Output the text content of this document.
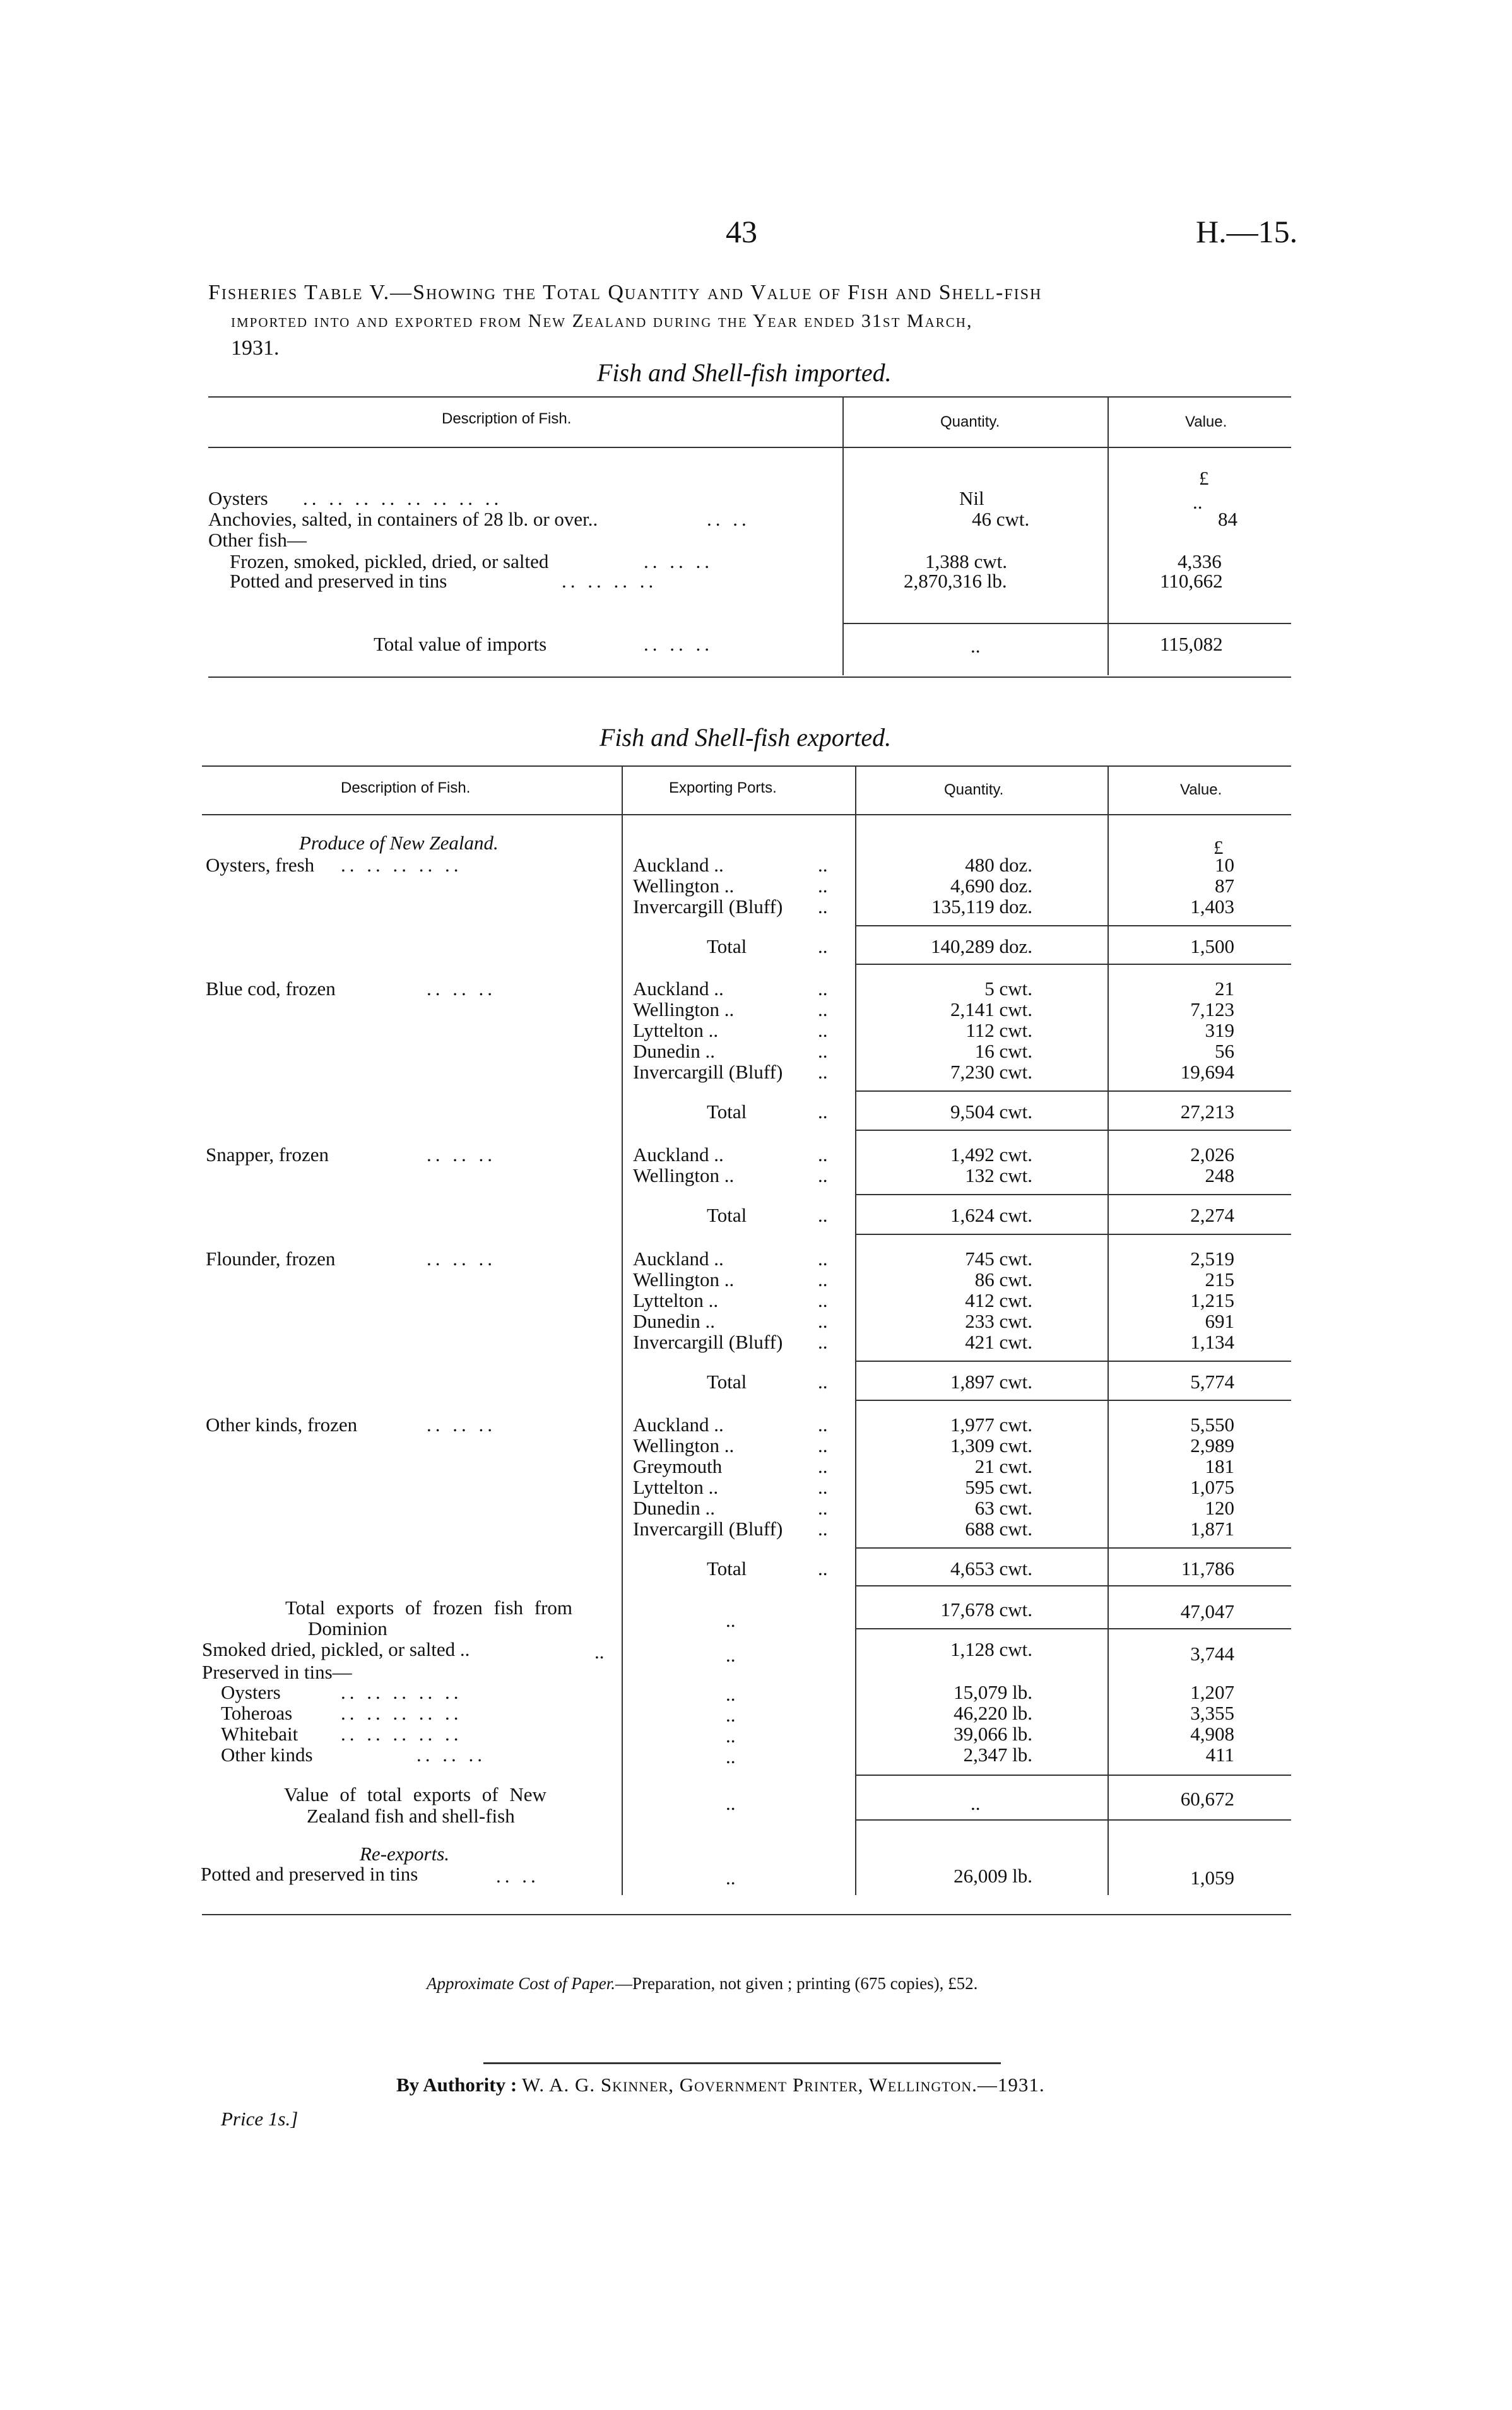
43	H.—15.
Fisheries Table V.—Showing the Total Quantity and Value of Fish and Shell-fish
imported into and exported from New Zealand during the Year ended 31st March,
1931.
Fish and Shell-fish imported.
Description of Fish.	Quantity.	Value.
£
Oysters .. .. .. .. .. .. .. ..	Nil	..
Anchovies, salted, in containers of 28 lb. or over..	.. ..	46 cwt.	84
Other fish—
Frozen, smoked, pickled, dried, or salted	.. .. ..	1,388 cwt.	4,336
Potted and preserved in tins	.. .. .. ..	2,870,316 lb.	110,662
Total value of imports	.. .. ..	..	115,082
Fish and Shell-fish exported.
Description of Fish.	Exporting Ports.	Quantity.	Value.
Produce of New Zealand.	£
Oysters, fresh .. .. .. .. ..	Auckland ..	..	480 doz.	10
Wellington ..	..	4,690 doz.	87
Invercargill (Bluff) ..	135,119 doz.	1,403
Total	..	140,289 doz.	1,500
Blue cod, frozen	.. .. ..	Auckland ..	..	5 cwt.	21
Wellington ..	..	2,141 cwt.	7,123
Lyttelton ..	..	112 cwt.	319
Dunedin ..	..	16 cwt.	56
Invercargill (Bluff) ..	7,230 cwt.	19,694
Total	..	9,504 cwt.	27,213
Snapper, frozen	.. .. ..	Auckland ..	..	1,492 cwt.	2,026
Wellington ..	..	132 cwt.	248
Total	..	1,624 cwt.	2,274
Flounder, frozen	.. .. ..	Auckland ..	..	745 cwt.	2,519
Wellington ..	..	86 cwt.	215
Lyttelton ..	..	412 cwt.	1,215
Dunedin ..	..	233 cwt.	691
Invercargill (Bluff) ..	421 cwt.	1,134
Total	..	1,897 cwt.	5,774
Other kinds, frozen	.. .. ..	Auckland ..	..	1,977 cwt.	5,550
Wellington ..	..	1,309 cwt.	2,989
Greymouth	..	21 cwt.	181
Lyttelton ..	..	595 cwt.	1,075
Dunedin ..	..	63 cwt.	120
Invercargill (Bluff) ..	688 cwt.	1,871
Total	..	4,653 cwt.	11,786
Total exports of frozen fish from
Dominion	..	17,678 cwt.	47,047
Smoked dried, pickled, or salted ..	..	..	1,128 cwt.	3,744
Preserved in tins—
Oysters	.. .. .. .. ..	..	15,079 lb.	1,207
Toheroas .. .. .. .. ..	..	46,220 lb.	3,355
Whitebait .. .. .. .. ..	..	39,066 lb.	4,908
Other kinds	.. .. ..	..	2,347 lb.	411
Value of total exports of New
Zealand fish and shell-fish
..	..	60,672
Re-exports.
Potted and preserved in tins	.. ..	..	26,009 lb.	1,059
Approximate Cost of Paper.—Preparation, not given ; printing (675 copies), £52.
By Authority : W. A. G. Skinner, Government Printer, Wellington.—1931.
Price 1s.]
